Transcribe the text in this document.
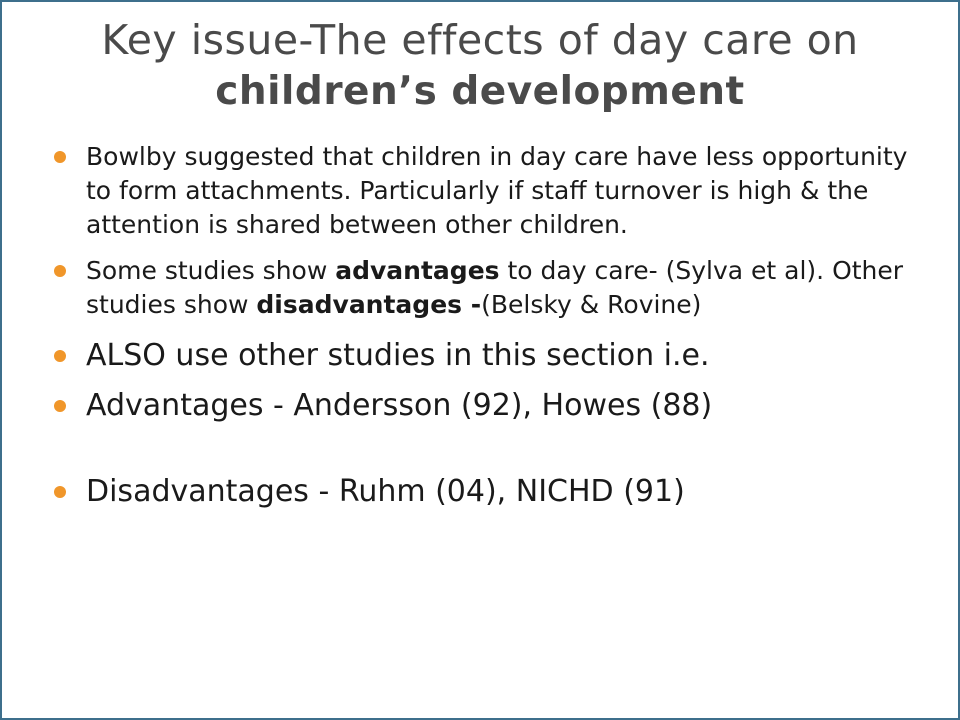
Key issue-The effects of day care on
children’s development
Bowlby suggested that children in day care have less opportunity to form attachments. Particularly if staff turnover is high & the attention is shared between other children.
Some studies show advantages to day care- (Sylva et al). Other studies show disadvantages -(Belsky & Rovine)
ALSO use other studies in this section i.e.
Advantages - Andersson (92), Howes (88)
Disadvantages - Ruhm (04), NICHD (91)
